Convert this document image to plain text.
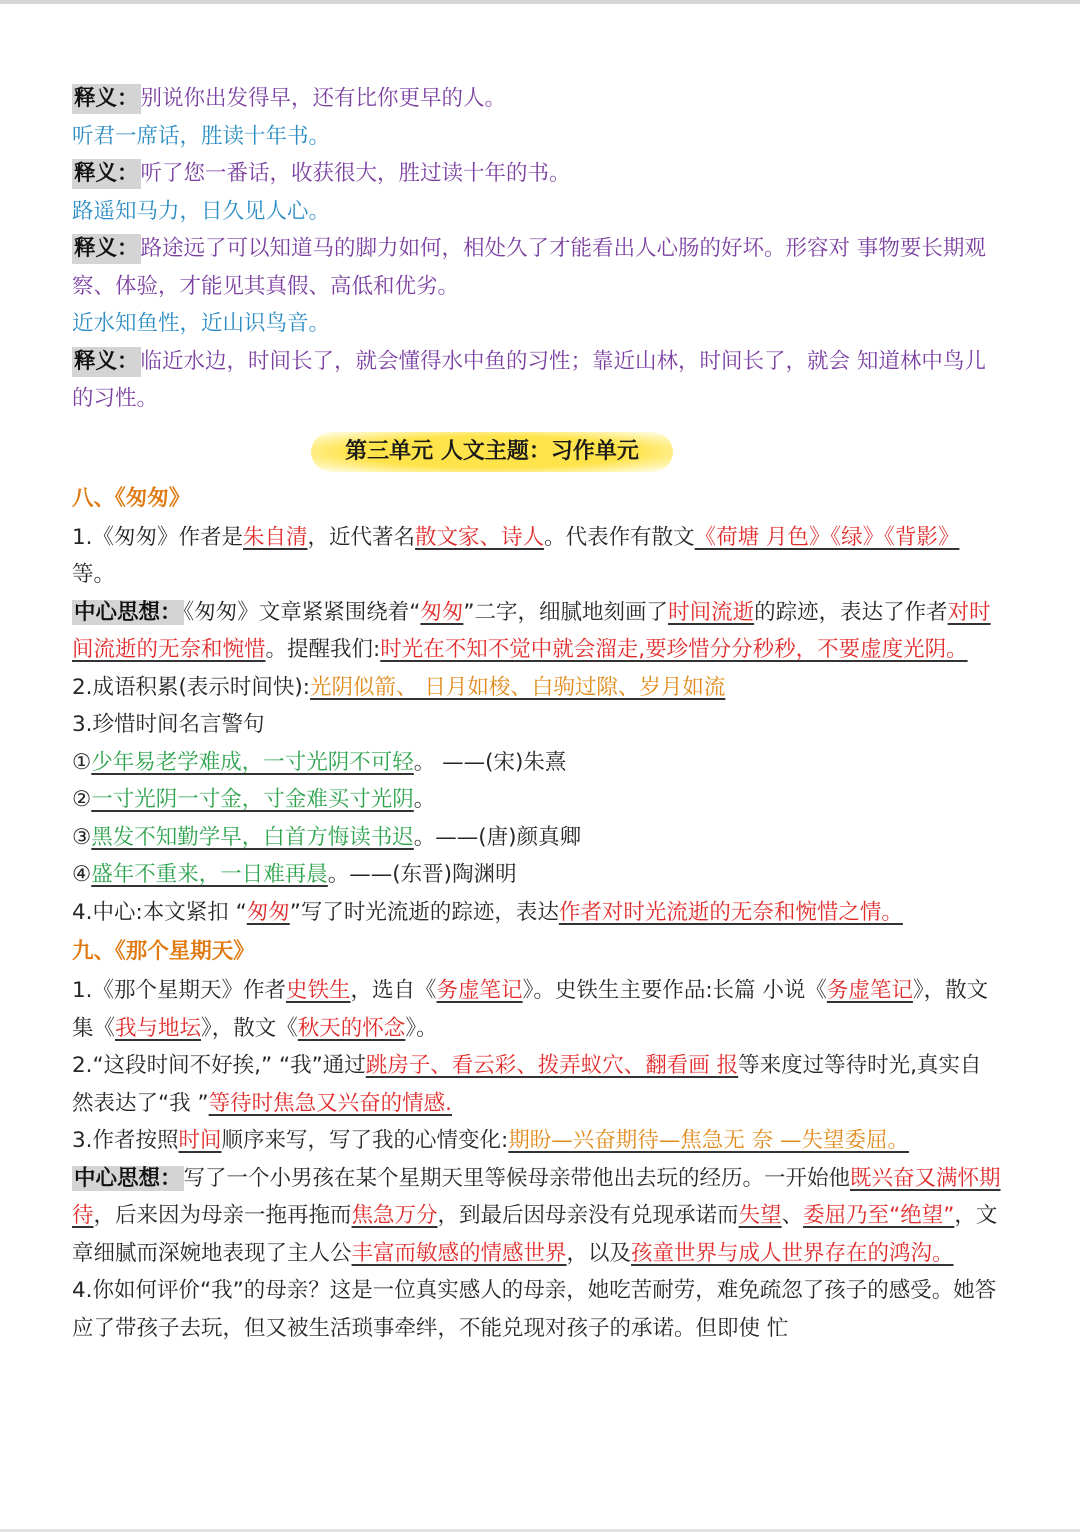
释义：别说你出发得早，还有比你更早的人。

听君一席话，胜读十年书。

释义：听了您一番话，收获很大，胜过读十年的书。

路遥知马力，日久见人心。

释义：路途远了可以知道马的脚力如何，相处久了才能看出人心肠的好坏。形容对 事物要长期观察、体验，才能见其真假、高低和优劣。

近水知鱼性，近山识鸟音。

释义：临近水边，时间长了，就会懂得水中鱼的习性；靠近山林，时间长了，就会 知道林中鸟儿的习性。

第三单元 人文主题：习作单元

八、《匆匆》

1.《匆匆》作者是朱自清，近代著名散文家、诗人。代表作有散文《荷塘 月色》《绿》《背影》等。

中心思想：《匆匆》文章紧紧围绕着“匆匆”二字，细腻地刻画了时间流逝的踪迹，表达了作者对时间流逝的无奈和惋惜。提醒我们:时光在不知不觉中就会溜走,要珍惜分分秒秒，不要虚度光阴。

2.成语积累(表示时间快):光阴似箭、 日月如梭、白驹过隙、岁月如流

3.珍惜时间名言警句

①少年易老学难成，一寸光阴不可轻。 ——(宋)朱熹

②一寸光阴一寸金，寸金难买寸光阴。

③黑发不知勤学早，白首方悔读书迟。——(唐)颜真卿

④盛年不重来，一日难再晨。——(东晋)陶渊明

4.中心:本文紧扣 “匆匆”写了时光流逝的踪迹，表达作者对时光流逝的无奈和惋惜之情。

九、《那个星期天》

1.《那个星期天》作者史铁生，选自《务虚笔记》。史铁生主要作品:长篇 小说《务虚笔记》，散文集《我与地坛》，散文《秋天的怀念》。

2.“这段时间不好挨,” “我”通过跳房子、看云彩、拨弄蚁穴、翻看画 报等来度过等待时光,真实自然表达了“我 ”等待时焦急又兴奋的情感.

3.作者按照时间顺序来写，写了我的心情变化:期盼—兴奋期待—焦急无 奈 —失望委屈。

中心思想：写了一个小男孩在某个星期天里等候母亲带他出去玩的经历。一开始他既兴奋又满怀期待，后来因为母亲一拖再拖而焦急万分，到最后因母亲没有兑现承诺而失望、委屈乃至“绝望”，文章细腻而深婉地表现了主人公丰富而敏感的情感世界，以及孩童世界与成人世界存在的鸿沟。

4.你如何评价“我”的母亲？这是一位真实感人的母亲，她吃苦耐劳，难免疏忽了孩子的感受。她答 应了带孩子去玩，但又被生活琐事牵绊，不能兑现对孩子的承诺。但即使 忙
